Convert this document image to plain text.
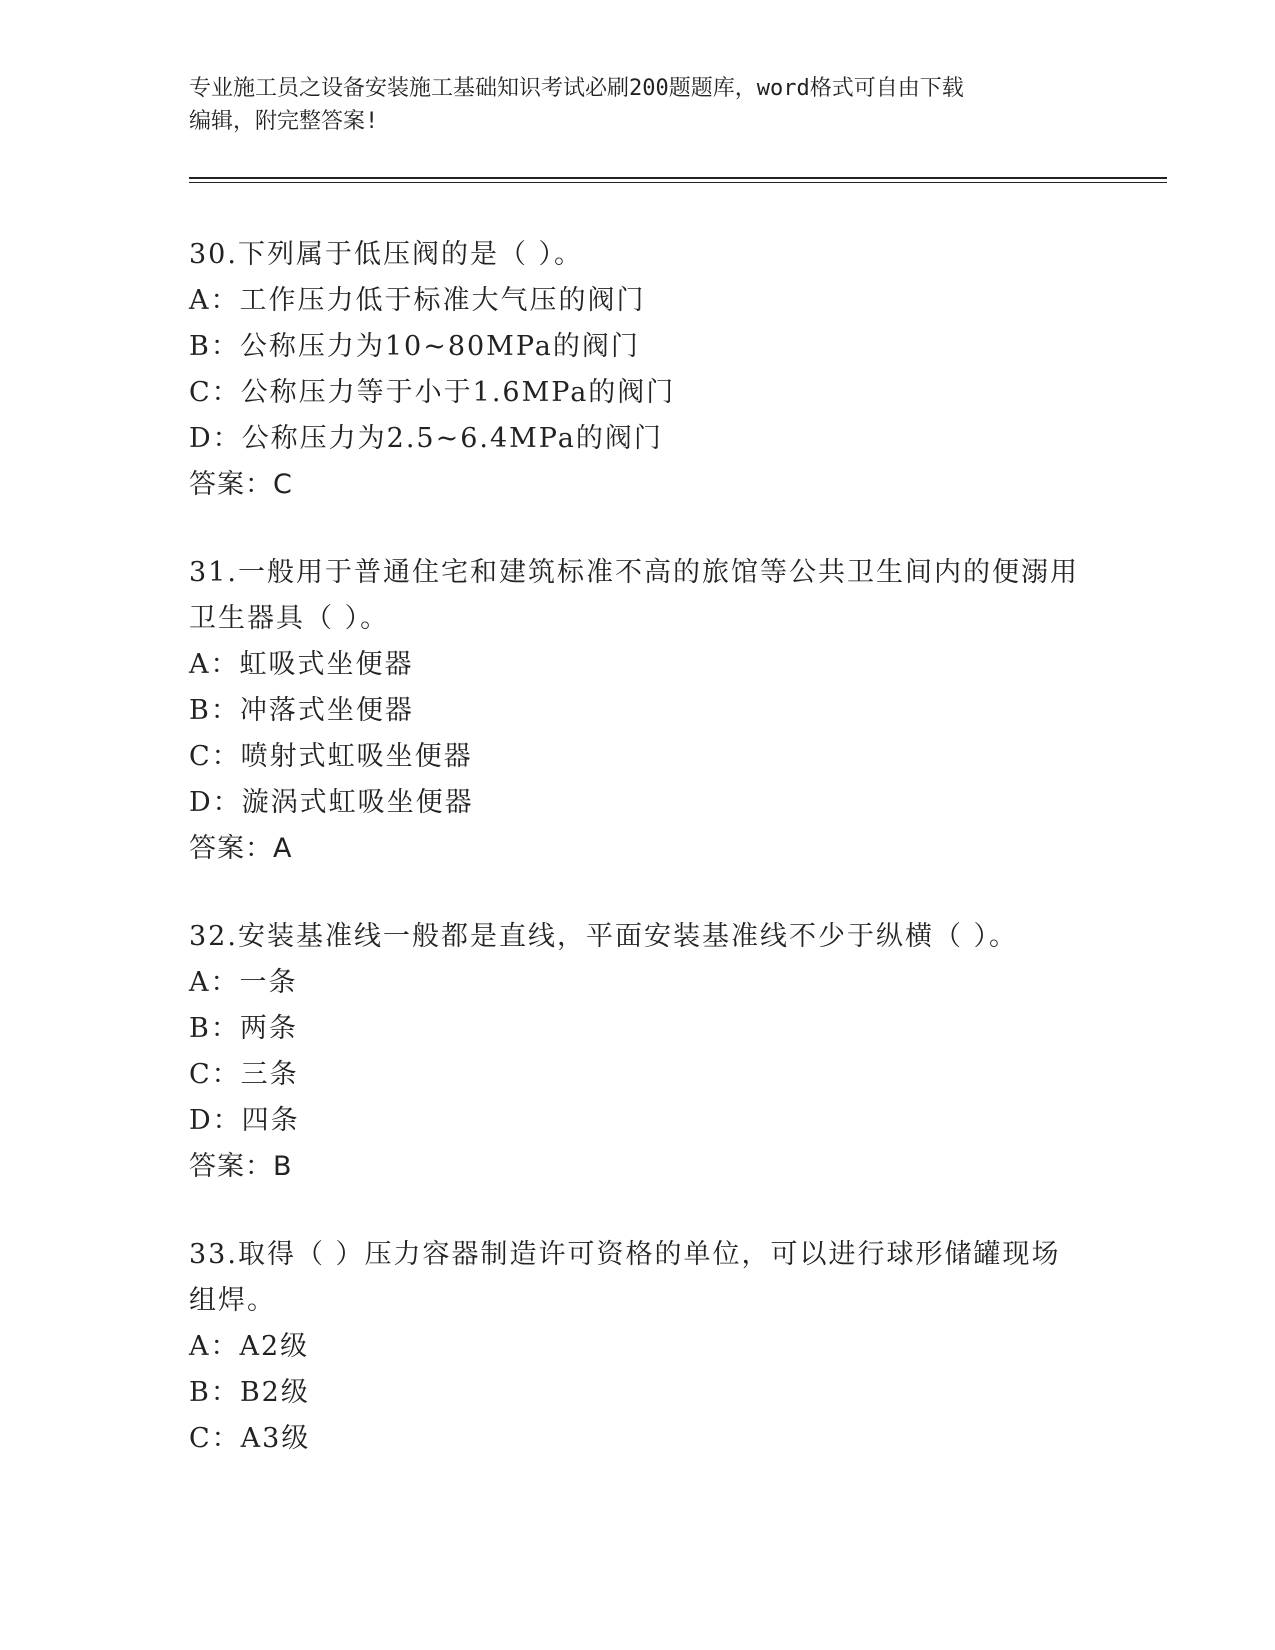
专业施工员之设备安装施工基础知识考试必刷200题题库，word格式可自由下载
编辑，附完整答案!
30.下列属于低压阀的是（ ）。
A：工作压力低于标准大气压的阀门
B：公称压力为10~80MPa的阀门
C：公称压力等于小于1.6MPa的阀门
D：公称压力为2.5~6.4MPa的阀门
答案：C
31.一般用于普通住宅和建筑标准不高的旅馆等公共卫生间内的便溺用
卫生器具（ ）。
A：虹吸式坐便器
B：冲落式坐便器
C：喷射式虹吸坐便器
D：漩涡式虹吸坐便器
答案：A
32.安装基准线一般都是直线，平面安装基准线不少于纵横（ ）。
A：一条
B：两条
C：三条
D：四条
答案：B
33.取得（ ）压力容器制造许可资格的单位，可以进行球形储罐现场
组焊。
A：A2级
B：B2级
C：A3级
